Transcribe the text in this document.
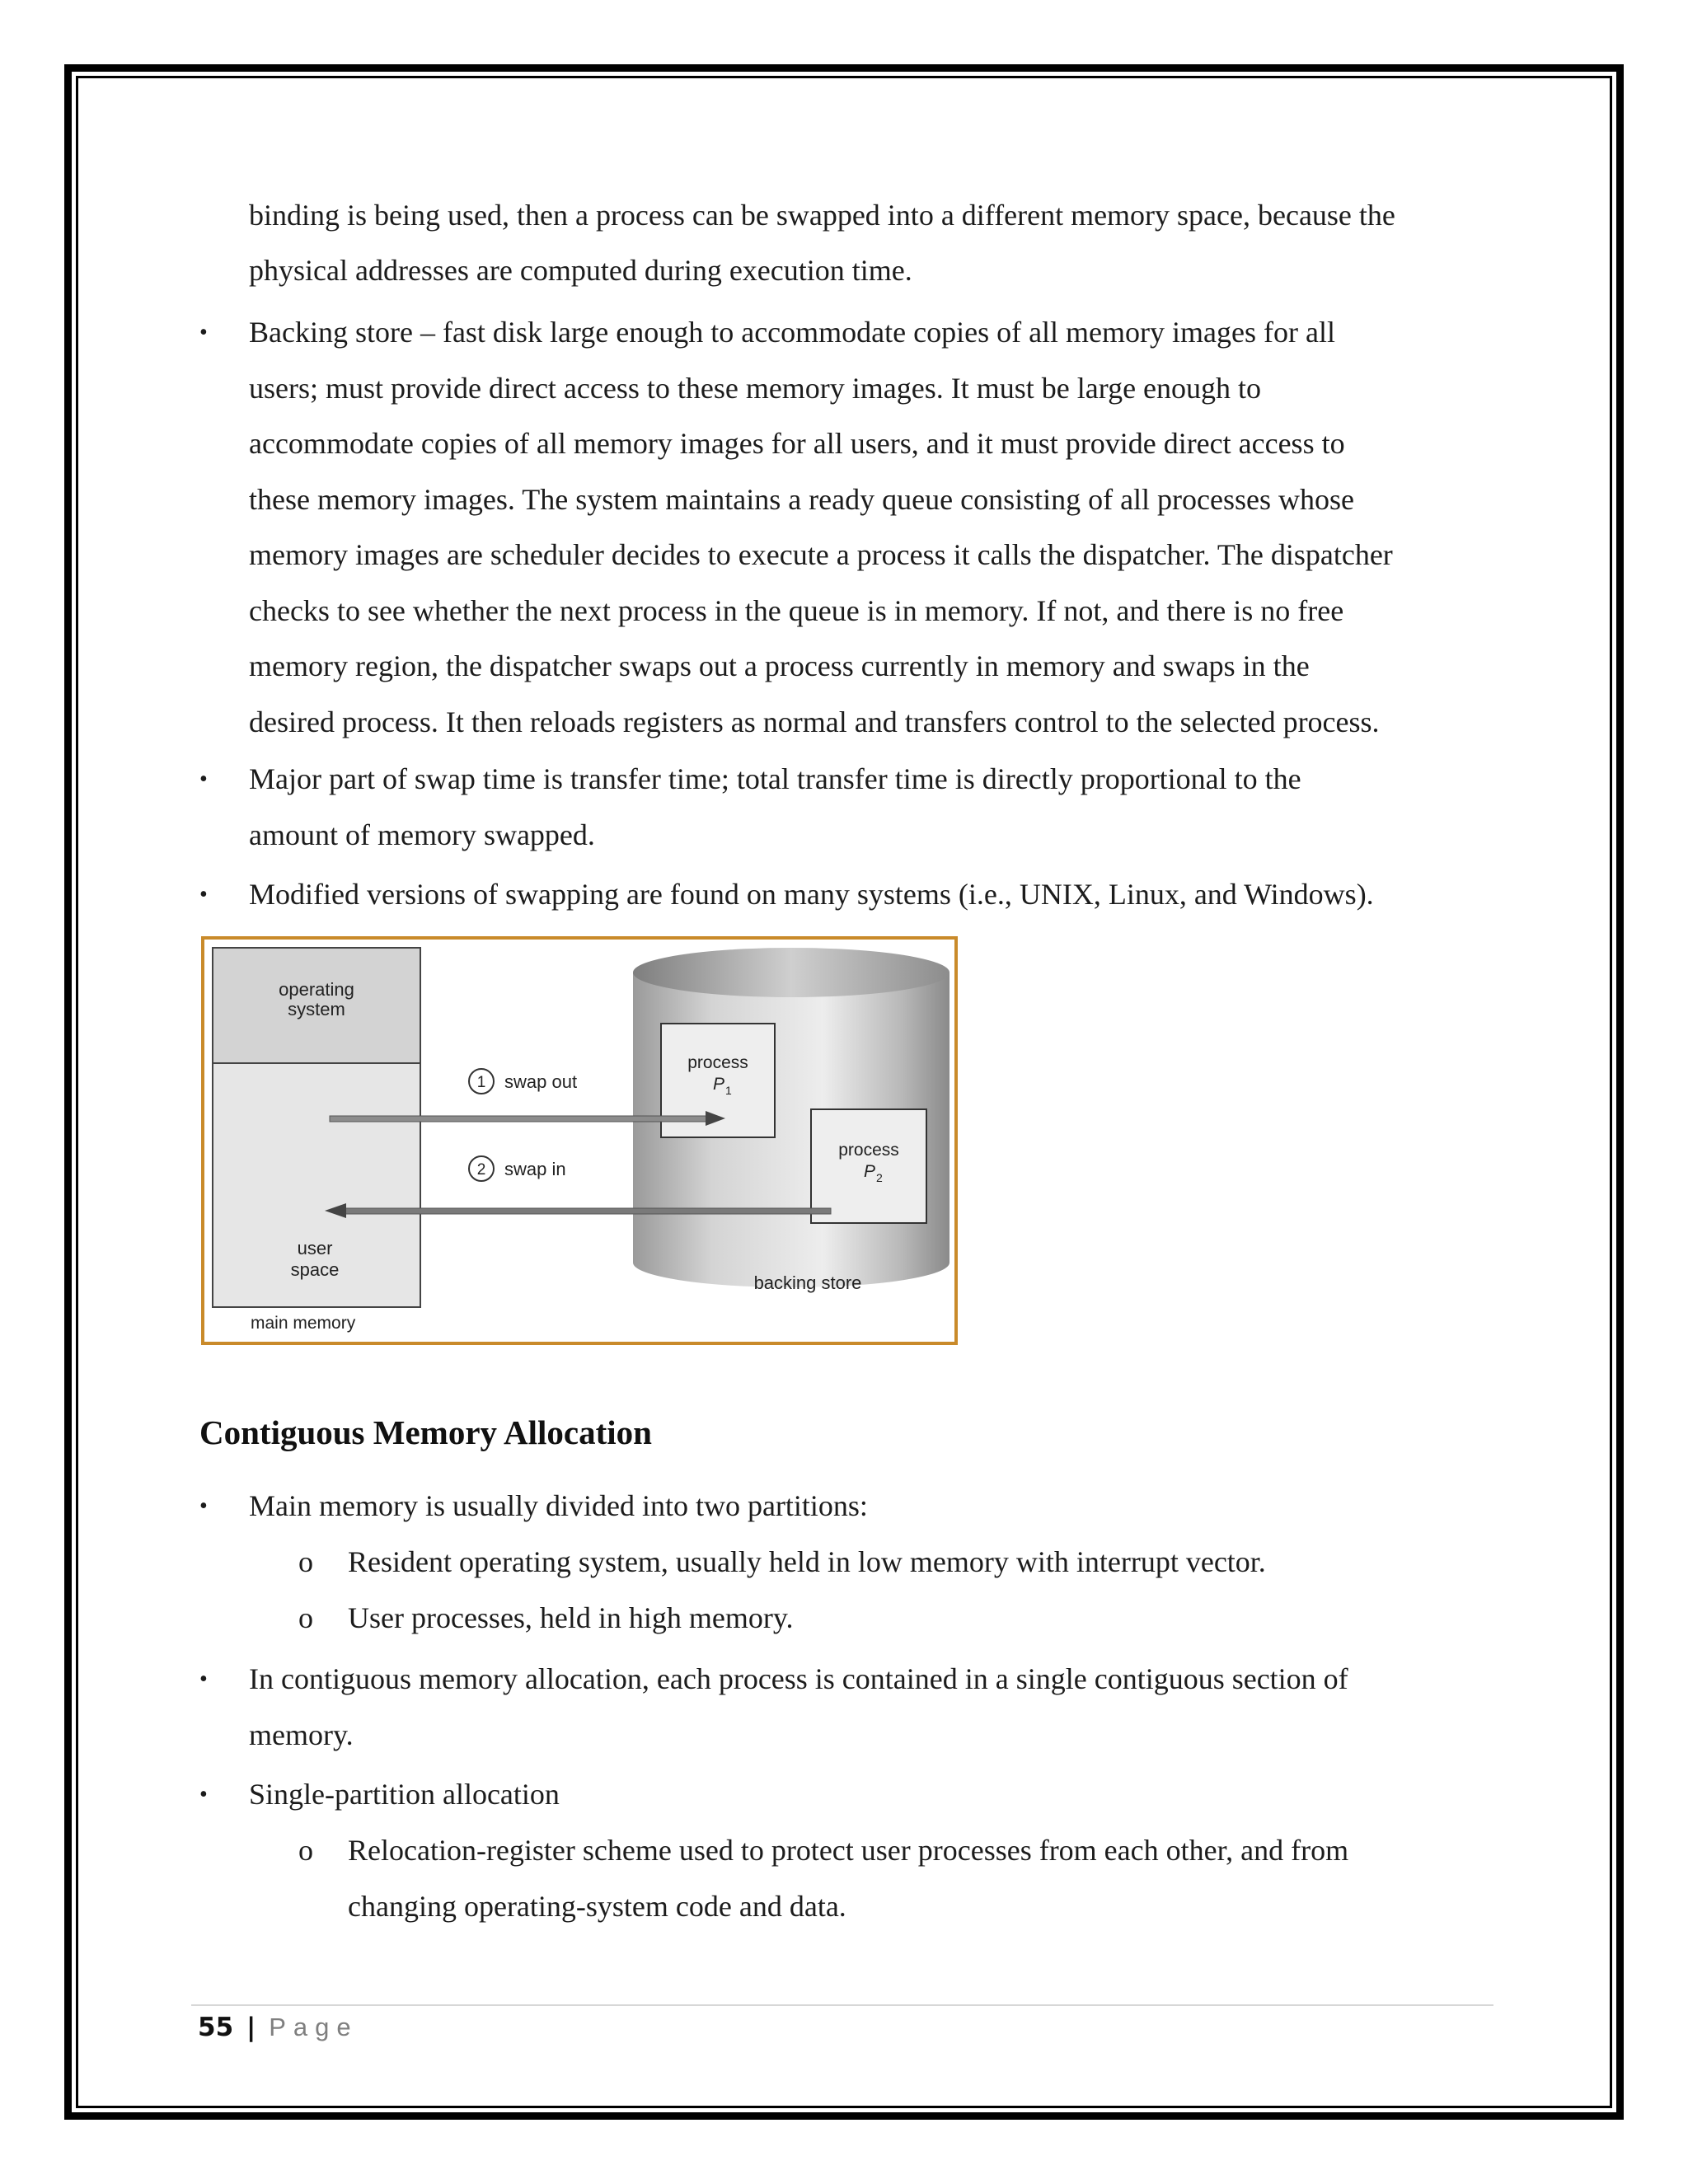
binding is being used, then a process can be swapped into a different memory space, because the
physical addresses are computed during execution time.
• Backing store – fast disk large enough to accommodate copies of all memory images for all
users; must provide direct access to these memory images. It must be large enough to
accommodate copies of all memory images for all users, and it must provide direct access to
these memory images. The system maintains a ready queue consisting of all processes whose
memory images are scheduler decides to execute a process it calls the dispatcher. The dispatcher
checks to see whether the next process in the queue is in memory. If not, and there is no free
memory region, the dispatcher swaps out a process currently in memory and swaps in the
desired process. It then reloads registers as normal and transfers control to the selected process.
• Major part of swap time is transfer time; total transfer time is directly proportional to the
amount of memory swapped.
• Modified versions of swapping are found on many systems (i.e., UNIX, Linux, and Windows).
operating
system
user
space
main memory
backing store
process
P 1
process
P 2
1 swap out
2 swap in
Contiguous Memory Allocation
• Main memory is usually divided into two partitions:
o Resident operating system, usually held in low memory with interrupt vector.
o User processes, held in high memory.
• In contiguous memory allocation, each process is contained in a single contiguous section of
memory.
• Single-partition allocation
o Relocation-register scheme used to protect user processes from each other, and from
changing operating-system code and data.
55 | Page
